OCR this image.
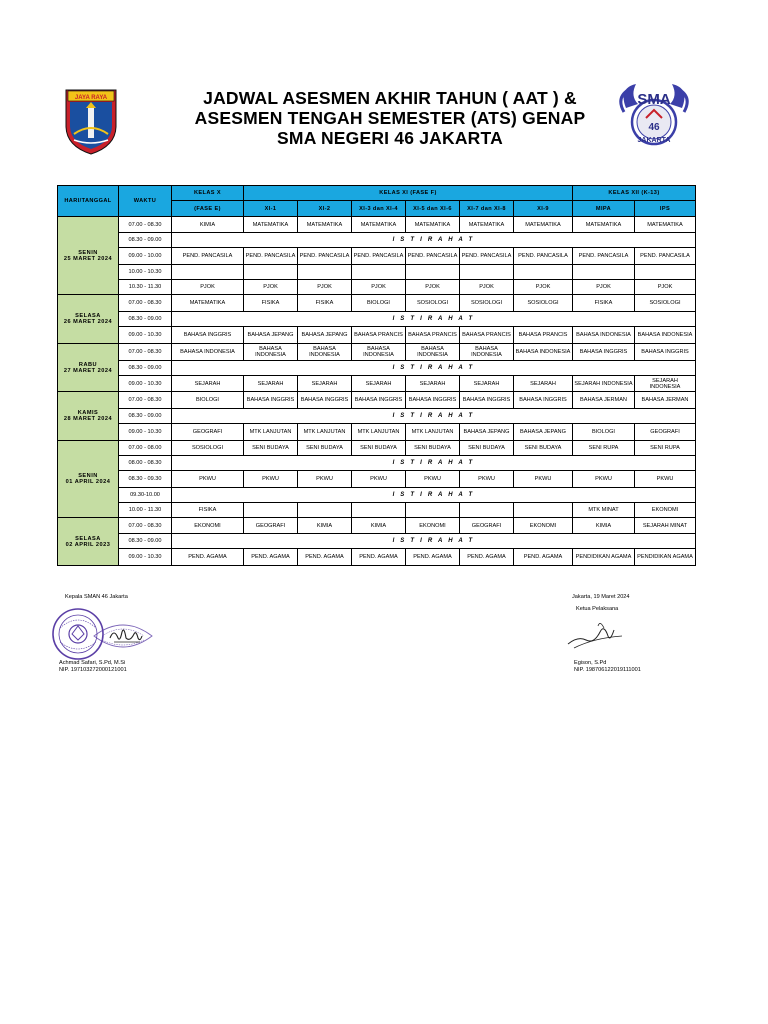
JAYA RAYA	JADWAL ASESMEN AKHIR TAHUN ( AAT ) &
ASESMEN TENGAH SEMESTER (ATS) GENAP
SMA NEGERI 46 JAKARTA
SMA
46
JAKARTA
HARI/TANGGAL	WAKTU	KELAS X	KELAS XI (FASE F)						KELAS XII (K-13)	
		(FASE E)	XI-1	XI-2	XI-3 dan XI-4	XI-5 dan XI-6	XI-7 dan XI-8	XI-9	MIPA	IPS

SENIN
25 MARET 2024	07.00 - 08.30	KIMIA	MATEMATIKA	MATEMATIKA	MATEMATIKA	MATEMATIKA	MATEMATIKA	MATEMATIKA	MATEMATIKA	MATEMATIKA
	08.30 - 09.00	I S T I R A H A T								
	09.00 - 10.00	PEND. PANCASILA	PEND. PANCASILA	PEND. PANCASILA	PEND. PANCASILA	PEND. PANCASILA	PEND. PANCASILA	PEND. PANCASILA	PEND. PANCASILA	PEND. PANCASILA
	10.00 - 10.30									
	10.30 - 11.30	PJOK	PJOK	PJOK	PJOK	PJOK	PJOK	PJOK	PJOK	PJOK

SELASA
26 MARET 2024	07.00 - 08.30	MATEMATIKA	FISIKA	FISIKA	BIOLOGI	SOSIOLOGI	SOSIOLOGI	SOSIOLOGI	FISIKA	SOSIOLOGI
	08.30 - 09.00	I S T I R A H A T								
	09.00 - 10.30	BAHASA INGGRIS	BAHASA JEPANG	BAHASA JEPANG	BAHASA PRANCIS	BAHASA PRANCIS	BAHASA PRANCIS	BAHASA PRANCIS	BAHASA INDONESIA	BAHASA INDONESIA

RABU
27 MARET 2024	07.00 - 08.30	BAHASA INDONESIA	BAHASA INDONESIA	BAHASA INDONESIA	BAHASA INDONESIA	BAHASA INDONESIA	BAHASA INDONESIA	BAHASA INDONESIA	BAHASA INGGRIS	BAHASA INGGRIS
	08.30 - 09.00	I S T I R A H A T								
	09.00 - 10.30	SEJARAH	SEJARAH	SEJARAH	SEJARAH	SEJARAH	SEJARAH	SEJARAH	SEJARAH INDONESIA	SEJARAH INDONESIA

KAMIS
28 MARET 2024	07.00 - 08.30	BIOLOGI	BAHASA INGGRIS	BAHASA INGGRIS	BAHASA INGGRIS	BAHASA INGGRIS	BAHASA INGGRIS	BAHASA INGGRIS	BAHASA JERMAN	BAHASA JERMAN
	08.30 - 09.00	I S T I R A H A T								
	09.00 - 10.30	GEOGRAFI	MTK LANJUTAN	MTK LANJUTAN	MTK LANJUTAN	MTK LANJUTAN	BAHASA JEPANG	BAHASA JEPANG	BIOLOGI	GEOGRAFI

SENIN
01 APRIL 2024	07.00 - 08.00	SOSIOLOGI	SENI BUDAYA	SENI BUDAYA	SENI BUDAYA	SENI BUDAYA	SENI BUDAYA	SENI BUDAYA	SENI RUPA	SENI RUPA
	08.00 - 08.30	I S T I R A H A T								
	08.30 - 09.30	PKWU	PKWU	PKWU	PKWU	PKWU	PKWU	PKWU	PKWU	PKWU
	09.30-10.00	I S T I R A H A T								
	10.00 - 11.30	FISIKA							MTK MINAT	EKONOMI

SELASA
02 APRIL 2023	07.00 - 08.30	EKONOMI	GEOGRAFI	KIMIA	KIMIA	EKONOMI	GEOGRAFI	EKONOMI	KIMIA	SEJARAH MINAT
	08.30 - 09.00	I S T I R A H A T								
	09.00 - 10.30	PEND. AGAMA	PEND. AGAMA	PEND. AGAMA	PEND. AGAMA	PEND. AGAMA	PEND. AGAMA	PEND. AGAMA	PENDIDIKAN AGAMA	PENDIDIKAN AGAMA
Kepala SMAN 46 Jakarta
Achmad Safari, S.Pd, M.Si
NIP. 197103272000121001
Jakarta, 19 Maret 2024
Ketua Pelaksana
Egison, S.Pd
NIP. 198706122019111001
